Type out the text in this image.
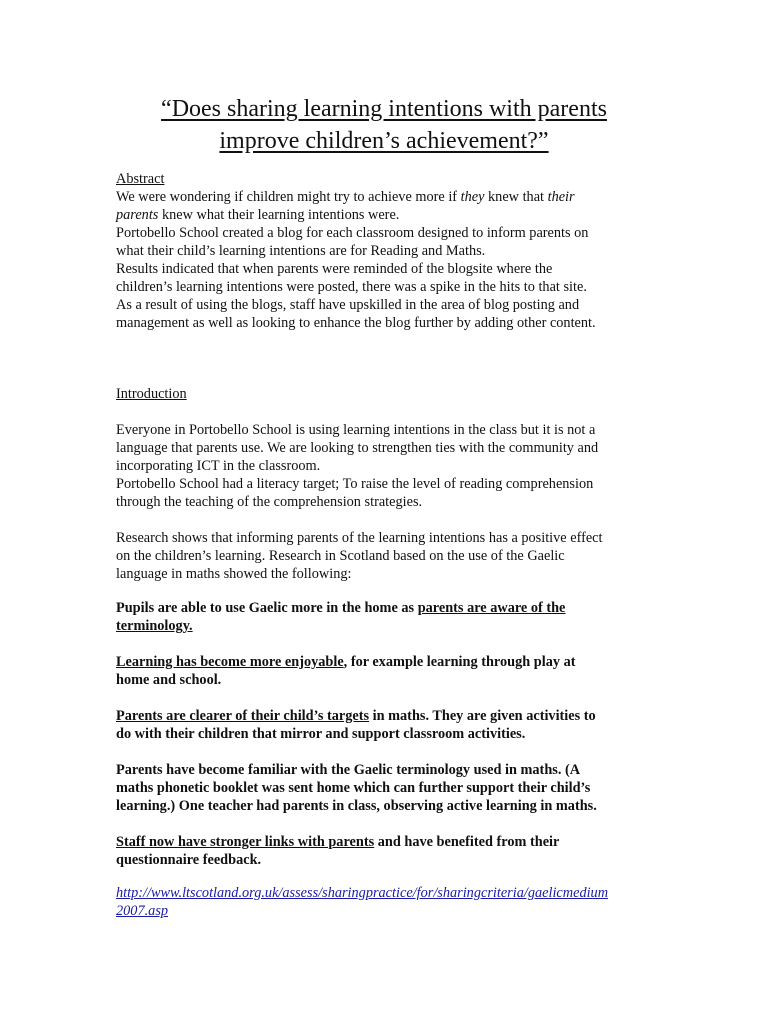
“Does sharing learning intentions with parents
improve children’s achievement?”
Abstract
We were wondering if children might try to achieve more if they knew that their
parents knew what their learning intentions were.
Portobello School created a blog for each classroom designed to inform parents on
what their child’s learning intentions are for Reading and Maths.
Results indicated that when parents were reminded of the blogsite where the
children’s learning intentions were posted, there was a spike in the hits to that site.
As a result of using the blogs, staff have upskilled in the area of blog posting and
management as well as looking to enhance the blog further by adding other content.
Introduction
Everyone in Portobello School is using learning intentions in the class but it is not a
language that parents use. We are looking to strengthen ties with the community and
incorporating ICT in the classroom.
Portobello School had a literacy target; To raise the level of reading comprehension
through the teaching of the comprehension strategies.
Research shows that informing parents of the learning intentions has a positive effect
on the children’s learning. Research in Scotland based on the use of the Gaelic
language in maths showed the following:
Pupils are able to use Gaelic more in the home as parents are aware of the
terminology.
Learning has become more enjoyable, for example learning through play at
home and school.
Parents are clearer of their child’s targets in maths. They are given activities to
do with their children that mirror and support classroom activities.
Parents have become familiar with the Gaelic terminology used in maths. (A
maths phonetic booklet was sent home which can further support their child’s
learning.) One teacher had parents in class, observing active learning in maths.
Staff now have stronger links with parents and have benefited from their
questionnaire feedback.
http://www.ltscotland.org.uk/assess/sharingpractice/for/sharingcriteria/gaelicmedium
2007.asp
